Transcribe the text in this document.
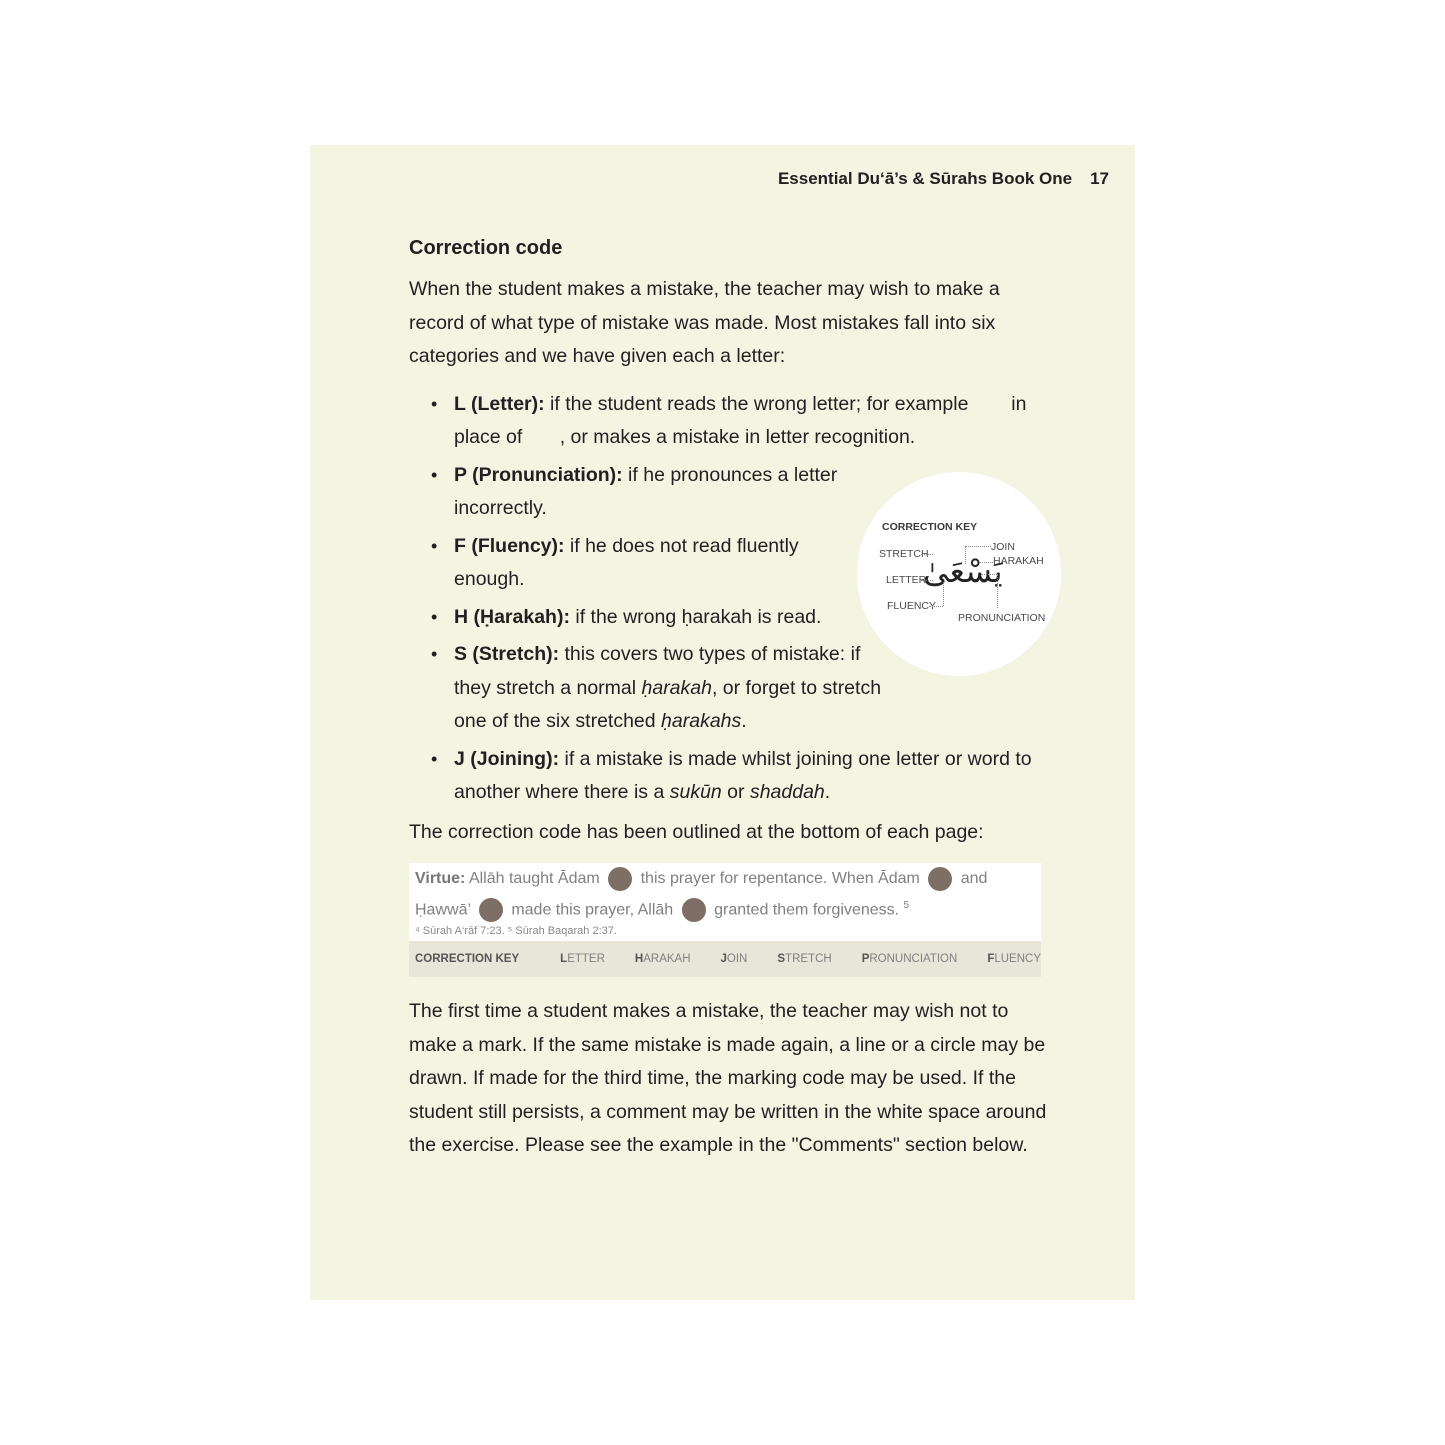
Essential Du‘ā’s & Sūrahs Book One 17
Correction code

When the student makes a mistake, the teacher may wish to make a record of what type of mistake was made. Most mistakes fall into six categories and we have given each a letter:

• L (Letter): if the student reads the wrong letter; for example  in place of , or makes a mistake in letter recognition.
• P (Pronunciation): if he pronounces a letter incorrectly.
• F (Fluency): if he does not read fluently enough.
• H (Ḥarakah): if the wrong ḥarakah is read.
• S (Stretch): this covers two types of mistake: if they stretch a normal ḥarakah, or forget to stretch one of the six stretched ḥarakahs.
• J (Joining): if a mistake is made whilst joining one letter or word to another where there is a sukūn or shaddah.

The correction code has been outlined at the bottom of each page:

Virtue: Allāh taught Ādam  this prayer for repentance. When Ādam  and
Ḥawwā’  made this prayer, Allāh  granted them forgiveness. $^5$
⁴ Sūrah A‘rāf 7:23. ⁵ Sūrah Baqarah 2:37.
CORRECTION KEY	LETTER	HARAKAH	JOIN	STRETCH	PRONUNCIATION	FLUENCY

The first time a student makes a mistake, the teacher may wish not to make a mark. If the same mistake is made again, a line or a circle may be drawn. If made for the third time, the marking code may be used. If the student still persists, a comment may be written in the white space around the exercise. Please see the example in the "Comments" section below.

CORRECTION KEY
STRETCH
JOIN
HARAKAH
LETTER
FLUENCY
PRONUNCIATION
يَسْعَىٰ
